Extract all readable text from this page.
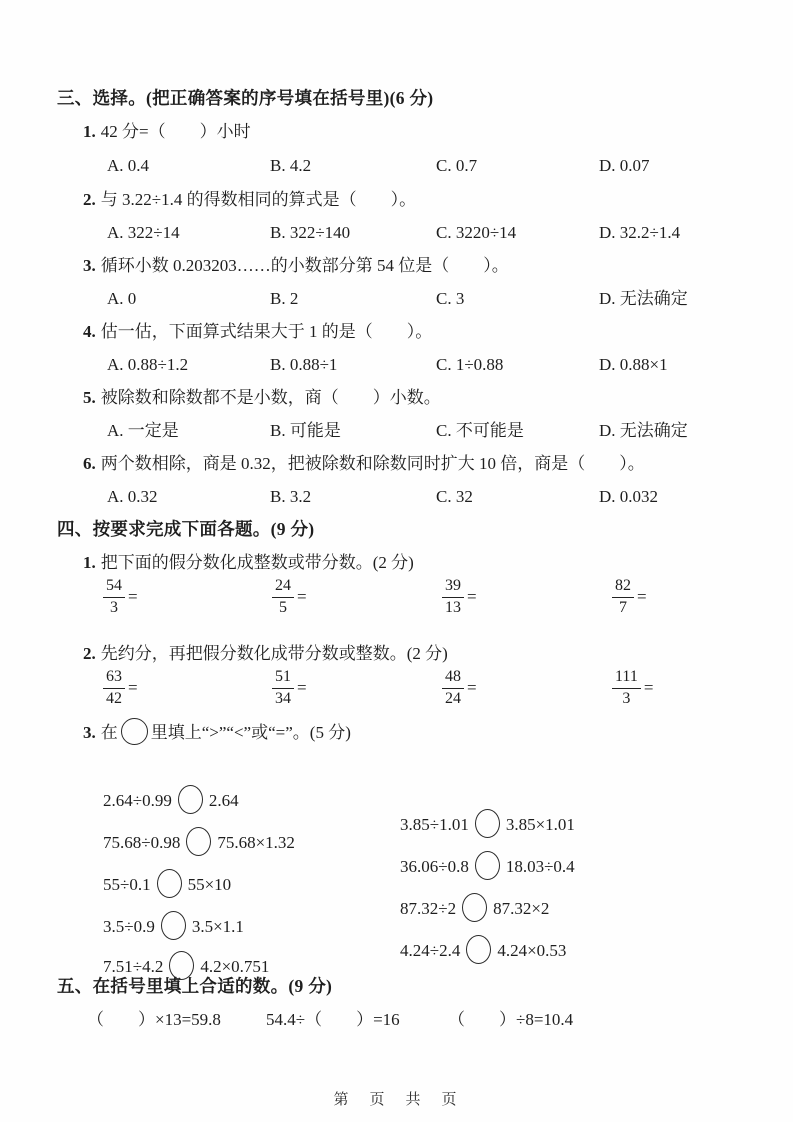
三、选择。(把正确答案的序号填在括号里)(6 分)
1. 42 分=（　　）小时
A. 0.4	B. 4.2	C. 0.7	D. 0.07
2. 与 3.22÷1.4 的得数相同的算式是（　　）。
A. 322÷14	B. 322÷140	C. 3220÷14	D. 32.2÷1.4
3. 循环小数 0.203203……的小数部分第 54 位是（　　）。
A. 0	B. 2	C. 3	D. 无法确定
4. 估一估，下面算式结果大于 1 的是（　　）。
A. 0.88÷1.2	B. 0.88÷1	C. 1÷0.88	D. 0.88×1
5. 被除数和除数都不是小数，商（　　）小数。
A. 一定是	B. 可能是	C. 不可能是	D. 无法确定
6. 两个数相除，商是 0.32，把被除数和除数同时扩大 10 倍，商是（　　）。
A. 0.32	B. 3.2	C. 32	D. 0.032
四、按要求完成下面各题。(9 分)
1. 把下面的假分数化成整数或带分数。(2 分)
$\frac{54}{3}$ =	$\frac{24}{5}$ =	$\frac{39}{13}$ =	$\frac{82}{7}$ =
2. 先约分，再把假分数化成带分数或整数。(2 分)
$\frac{63}{42}$ =	$\frac{51}{34}$ =	$\frac{48}{24}$ =	$\frac{111}{3}$ =
3. 在 里填上“>”“<”或“=”。(5 分)

2.64÷0.99 2.64

3.85÷1.01 3.85×1.01

75.68÷0.98 75.68×1.32

36.06÷0.8 18.03÷0.4

55÷0.1 55×10

87.32÷2 87.32×2

3.5÷0.9 3.5×1.1

4.24÷2.4 4.24×0.53

7.51÷4.2 4.2×0.751

五、在括号里填上合适的数。(9 分)
（　　）×13=59.8	54.4÷（　　）=16	（　　）÷8=10.4
第　页　共　页
